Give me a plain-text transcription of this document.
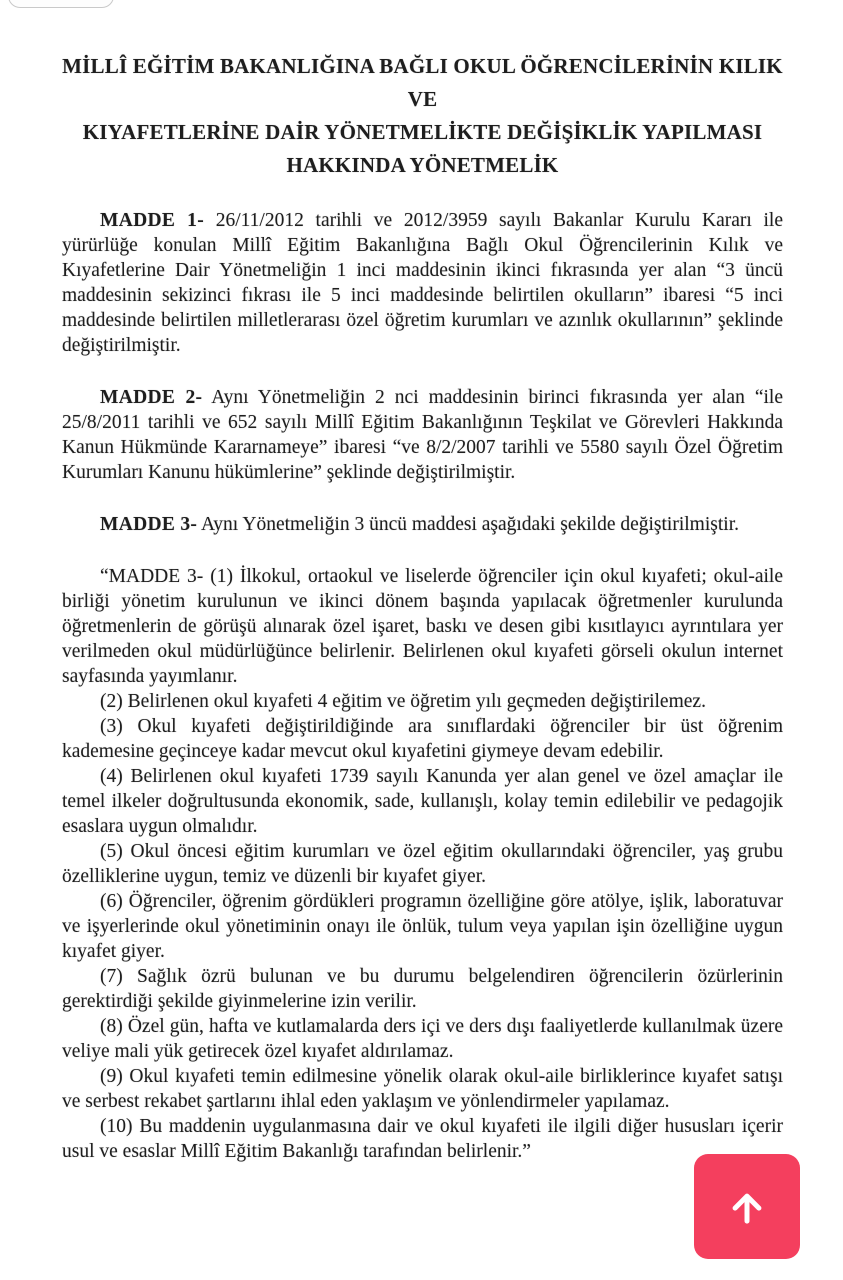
MİLLÎ EĞİTİM BAKANLIĞINA BAĞLI OKUL ÖĞRENCİLERİNİN KILIK VE
KIYAFETLERİNE DAİR YÖNETMELİKTE DEĞİŞİKLİK YAPILMASI
HAKKINDA YÖNETMELİK

MADDE 1- 26/11/2012 tarihli ve 2012/3959 sayılı Bakanlar Kurulu Kararı ile yürürlüğe konulan Millî Eğitim Bakanlığına Bağlı Okul Öğrencilerinin Kılık ve Kıyafetlerine Dair Yönetmeliğin 1 inci maddesinin ikinci fıkrasında yer alan “3 üncü maddesinin sekizinci fıkrası ile 5 inci maddesinde belirtilen okulların” ibaresi “5 inci maddesinde belirtilen milletlerarası özel öğretim kurumları ve azınlık okullarının” şeklinde değiştirilmiştir.

MADDE 2- Aynı Yönetmeliğin 2 nci maddesinin birinci fıkrasında yer alan “ile 25/8/2011 tarihli ve 652 sayılı Millî Eğitim Bakanlığının Teşkilat ve Görevleri Hakkında Kanun Hükmünde Kararnameye” ibaresi “ve 8/2/2007 tarihli ve 5580 sayılı Özel Öğretim Kurumları Kanunu hükümlerine” şeklinde değiştirilmiştir.

MADDE 3- Aynı Yönetmeliğin 3 üncü maddesi aşağıdaki şekilde değiştirilmiştir.

“MADDE 3- (1) İlkokul, ortaokul ve liselerde öğrenciler için okul kıyafeti; okul-aile birliği yönetim kurulunun ve ikinci dönem başında yapılacak öğretmenler kurulunda öğretmenlerin de görüşü alınarak özel işaret, baskı ve desen gibi kısıtlayıcı ayrıntılara yer verilmeden okul müdürlüğünce belirlenir. Belirlenen okul kıyafeti görseli okulun internet sayfasında yayımlanır.

(2) Belirlenen okul kıyafeti 4 eğitim ve öğretim yılı geçmeden değiştirilemez.

(3) Okul kıyafeti değiştirildiğinde ara sınıflardaki öğrenciler bir üst öğrenim kademesine geçinceye kadar mevcut okul kıyafetini giymeye devam edebilir.

(4) Belirlenen okul kıyafeti 1739 sayılı Kanunda yer alan genel ve özel amaçlar ile temel ilkeler doğrultusunda ekonomik, sade, kullanışlı, kolay temin edilebilir ve pedagojik esaslara uygun olmalıdır.

(5) Okul öncesi eğitim kurumları ve özel eğitim okullarındaki öğrenciler, yaş grubu özelliklerine uygun, temiz ve düzenli bir kıyafet giyer.

(6) Öğrenciler, öğrenim gördükleri programın özelliğine göre atölye, işlik, laboratuvar ve işyerlerinde okul yönetiminin onayı ile önlük, tulum veya yapılan işin özelliğine uygun kıyafet giyer.

(7) Sağlık özrü bulunan ve bu durumu belgelendiren öğrencilerin özürlerinin gerektirdiği şekilde giyinmelerine izin verilir.

(8) Özel gün, hafta ve kutlamalarda ders içi ve ders dışı faaliyetlerde kullanılmak üzere veliye mali yük getirecek özel kıyafet aldırılamaz.

(9) Okul kıyafeti temin edilmesine yönelik olarak okul-aile birliklerince kıyafet satışı ve serbest rekabet şartlarını ihlal eden yaklaşım ve yönlendirmeler yapılamaz.

(10) Bu maddenin uygulanmasına dair ve okul kıyafeti ile ilgili diğer hususları içerir usul ve esaslar Millî Eğitim Bakanlığı tarafından belirlenir.”
